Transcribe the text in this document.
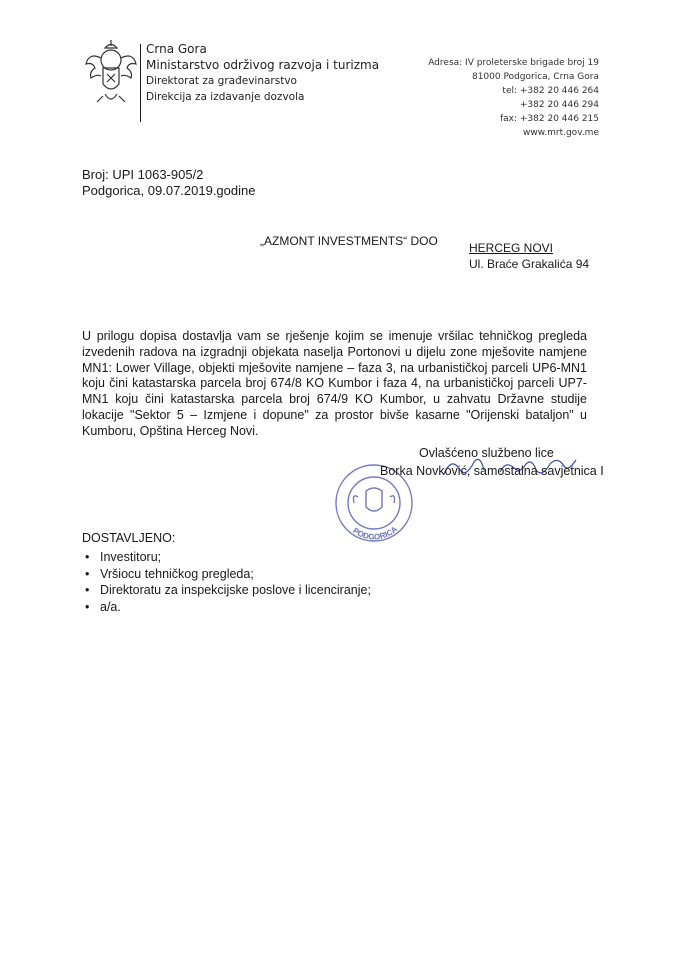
Crna Gora
Ministarstvo održivog razvoja i turizma
Direktorat za građevinarstvo
Direkcija za izdavanje dozvola
Adresa: IV proleterske brigade broj 19
81000 Podgorica, Crna Gora
tel: +382 20 446 264
+382 20 446 294
fax: +382 20 446 215
www.mrt.gov.me
Broj: UPI 1063-905/2
Podgorica, 09.07.2019.godine
„AZMONT INVESTMENTS“ DOO	HERCEG NOVI
Ul. Braće Grakalića 94
U prilogu dopisa dostavlja vam se rješenje kojim se imenuje vršilac tehničkog pregleda izvedenih radova na izgradnji objekata naselja Portonovi u dijelu zone mješovite namjene MN1: Lower Village, objekti mješovite namjene – faza 3, na urbanističkoj parceli UP6-MN1 koju čini katastarska parcela broj 674/8 KO Kumbor i faza 4, na urbanističkoj parceli UP7-MN1 koju čini katastarska parcela broj 674/9 KO Kumbor, u zahvatu Državne studije lokacije "Sektor 5 – Izmjene i dopune" za prostor bivše kasarne "Orijenski bataljon" u Kumboru, Opština Herceg Novi.
PODGORICA
Ovlašćeno službeno lice
Borka Novković, samostalna savjetnica I
DOSTAVLJENO:
• Investitoru;
• Vršiocu tehničkog pregleda;
• Direktoratu za inspekcijske poslove i licenciranje;
• a/a.
